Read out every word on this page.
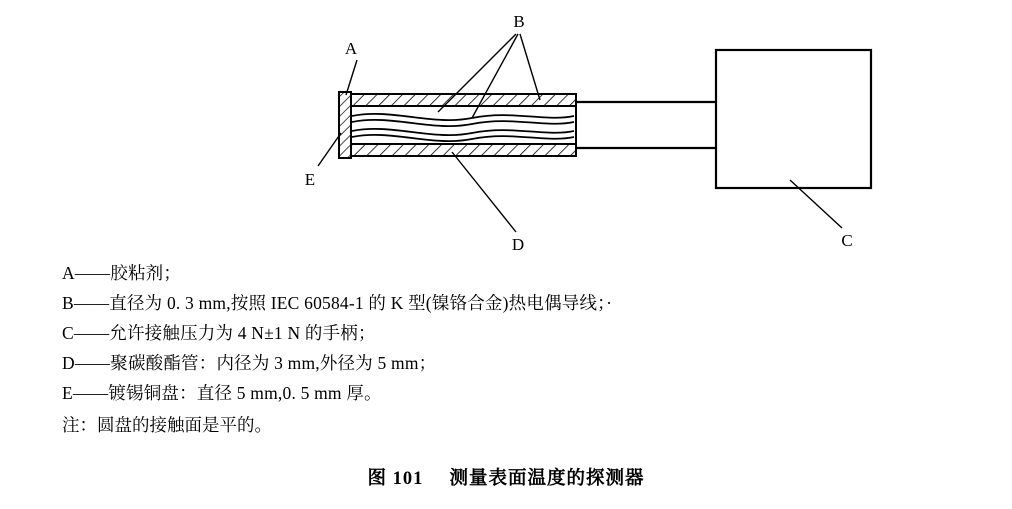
A
B
C
D
E
A——胶粘剂；
B——直径为 0. 3 mm,按照 IEC 60584-1 的 K 型(镍铬合金)热电偶导线；·
C——允许接触压力为 4 N±1 N 的手柄；
D——聚碳酸酯管：内径为 3 mm,外径为 5 mm；
E——镀锡铜盘：直径 5 mm,0. 5 mm 厚。
注：圆盘的接触面是平的。
图 101 测量表面温度的探测器
